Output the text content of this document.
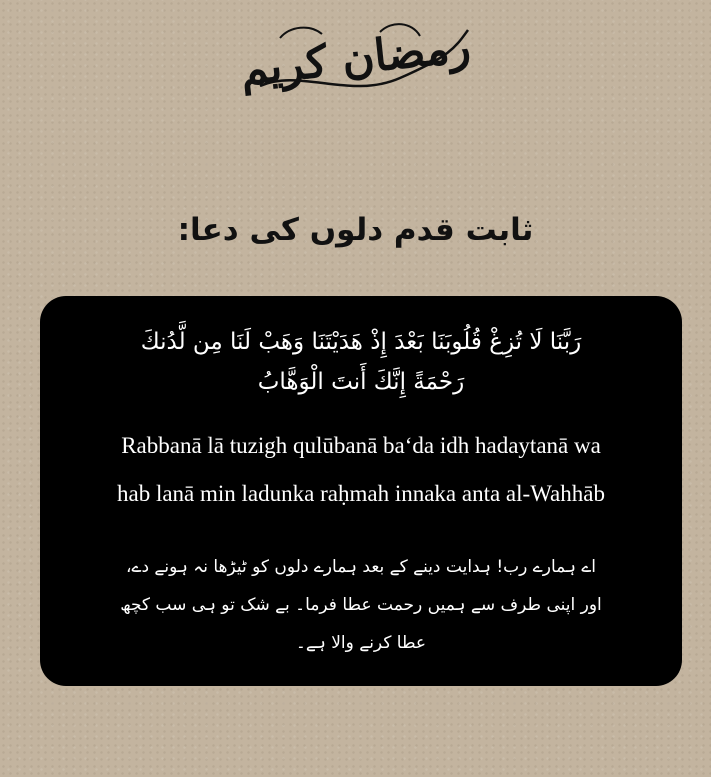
رمضان کریم
ثابت قدم دلوں کی دعا:
رَبَّنَا لَا تُزِغْ قُلُوبَنَا بَعْدَ إِذْ هَدَيْتَنَا وَهَبْ لَنَا مِن لَّدُنكَ
رَحْمَةً إِنَّكَ أَنتَ الْوَهَّابُ
Rabbanā lā tuzigh qulūbanā ba‘da idh hadaytanā wa
hab lanā min ladunka raḥmah innaka anta al-Wahhāb
اے ہمارے رب! ہدایت دینے کے بعد ہمارے دلوں کو ٹیڑھا نہ ہونے دے،
اور اپنی طرف سے ہمیں رحمت عطا فرما۔ بے شک تو ہی سب کچھ
عطا کرنے والا ہے۔
